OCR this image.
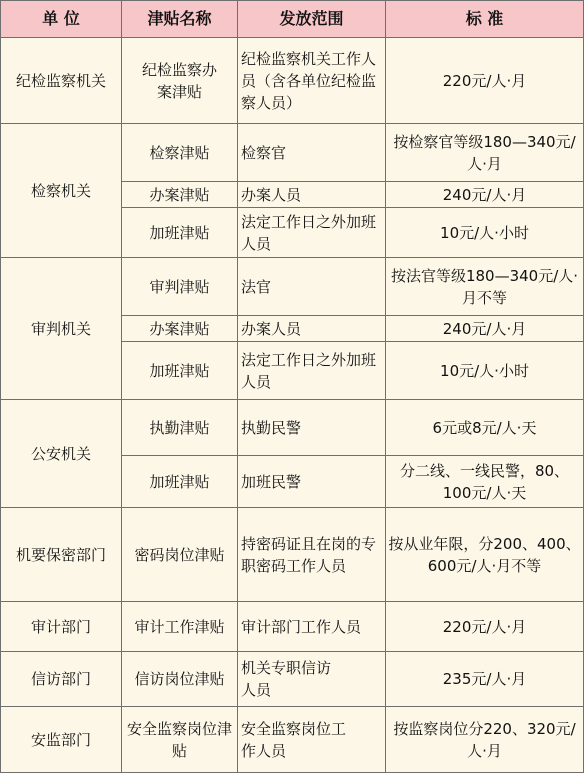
单 位	津贴名称	发放范围	标 准
纪检监察机关	纪检监察办案津贴	纪检监察机关工作人员（含各单位纪检监察人员）	220元/人·月
检察机关	检察津贴	检察官	按检察官等级180—340元/人·月
	办案津贴	办案人员	240元/人·月
	加班津贴	法定工作日之外加班人员	10元/人·小时
审判机关	审判津贴	法官	按法官等级180—340元/人·月不等
	办案津贴	办案人员	240元/人·月
	加班津贴	法定工作日之外加班人员	10元/人·小时
公安机关	执勤津贴	执勤民警	6元或8元/人·天
	加班津贴	加班民警	分二线、一线民警，80、100元/人·天
机要保密部门	密码岗位津贴	持密码证且在岗的专职密码工作人员	按从业年限，分200、400、600元/人·月不等
审计部门	审计工作津贴	审计部门工作人员	220元/人·月
信访部门	信访岗位津贴	机关专职信访人员	235元/人·月
安监部门	安全监察岗位津贴	安全监察岗位工作人员	按监察岗位分220、320元/人·月
